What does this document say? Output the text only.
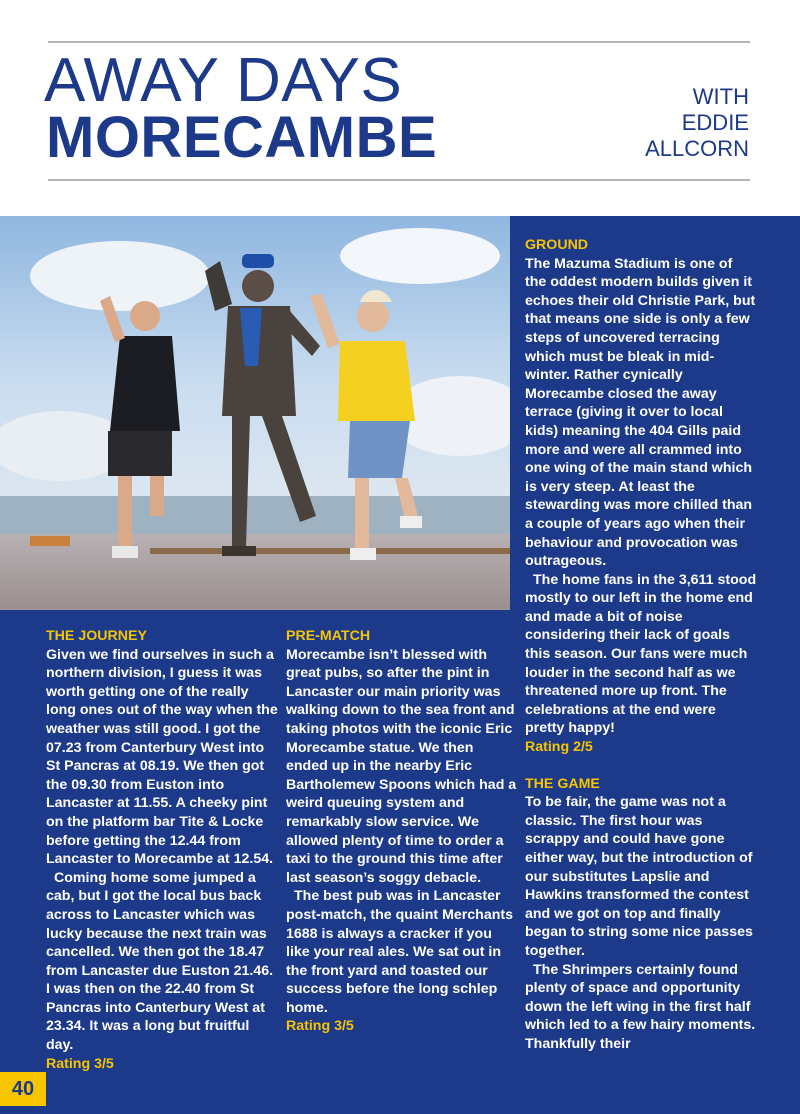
AWAY DAYS
MORECAMBE
WITH
EDDIE
ALLCORN
THE JOURNEY

Given we find ourselves in such a northern division, I guess it was worth getting one of the really long ones out of the way when the weather was still good. I got the 07.23 from Canterbury West into St Pancras at 08.19. We then got the 09.30 from Euston into Lancaster at 11.55. A cheeky pint on the platform bar Tite & Locke before getting the 12.44 from Lancaster to Morecambe at 12.54.

Coming home some jumped a cab, but I got the local bus back across to Lancaster which was lucky because the next train was cancelled. We then got the 18.47 from Lancaster due Euston 21.46. I was then on the 22.40 from St Pancras into Canterbury West at 23.34. It was a long but fruitful day.

Rating 3/5
PRE-MATCH

Morecambe isn’t blessed with great pubs, so after the pint in Lancaster our main priority was walking down to the sea front and taking photos with the iconic Eric Morecambe statue. We then ended up in the nearby Eric Bartholemew Spoons which had a weird queuing system and remarkably slow service. We allowed plenty of time to order a taxi to the ground this time after last season’s soggy debacle.

The best pub was in Lancaster post-match, the quaint Merchants 1688 is always a cracker if you like your real ales. We sat out in the front yard and toasted our success before the long schlep home.

Rating 3/5
GROUND

The Mazuma Stadium is one of the oddest modern builds given it echoes their old Christie Park, but that means one side is only a few steps of uncovered terracing which must be bleak in mid-winter. Rather cynically Morecambe closed the away terrace (giving it over to local kids) meaning the 404 Gills paid more and were all crammed into one wing of the main stand which is very steep. At least the stewarding was more chilled than a couple of years ago when their behaviour and provocation was outrageous.

The home fans in the 3,611 stood mostly to our left in the home end and made a bit of noise considering their lack of goals this season. Our fans were much louder in the second half as we threatened more up front. The celebrations at the end were pretty happy!

Rating 2/5
THE GAME

To be fair, the game was not a classic. The first hour was scrappy and could have gone either way, but the introduction of our substitutes Lapslie and Hawkins transformed the contest and we got on top and finally began to string some nice passes together.

The Shrimpers certainly found plenty of space and opportunity down the left wing in the first half which led to a few hairy moments. Thankfully their

40
